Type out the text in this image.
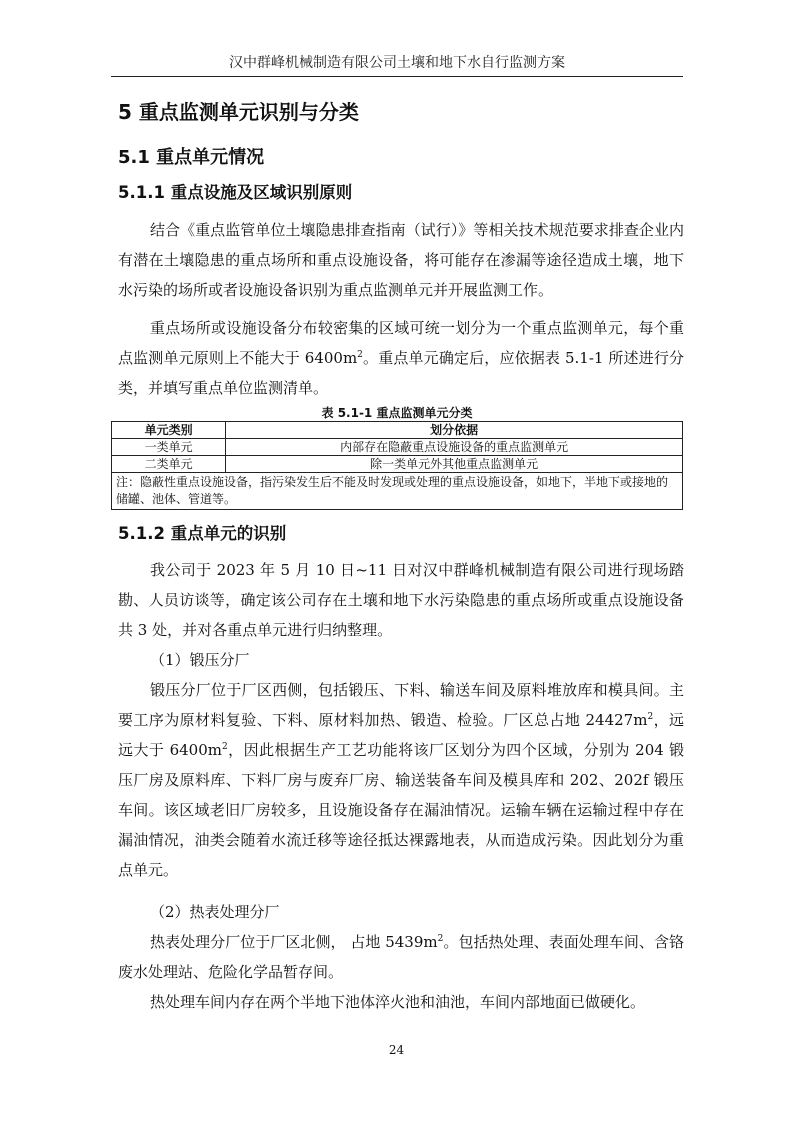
汉中群峰机械制造有限公司土壤和地下水自行监测方案
5 重点监测单元识别与分类
5.1 重点单元情况
5.1.1 重点设施及区域识别原则

结合《重点监管单位土壤隐患排查指南（试行）》等相关技术规范要求排查企业内有潜在土壤隐患的重点场所和重点设施设备，将可能存在渗漏等途径造成土壤，地下水污染的场所或者设施设备识别为重点监测单元并开展监测工作。

重点场所或设施设备分布较密集的区域可统一划分为一个重点监测单元，每个重点监测单元原则上不能大于 $6400m^2$。重点单元确定后，应依据表 5.1-1 所述进行分类，并填写重点单位监测清单。

表 5.1-1 重点监测单元分类
单元类别	划分依据
一类单元	内部存在隐蔽重点设施设备的重点监测单元
二类单元	除一类单元外其他重点监测单元
注：隐蔽性重点设施设备，指污染发生后不能及时发现或处理的重点设施设备，如地下，半地下或接地的储罐、池体、管道等。	
5.1.2 重点单元的识别

我公司于 2023 年 5 月 10 日~11 日对汉中群峰机械制造有限公司进行现场踏勘、人员访谈等，确定该公司存在土壤和地下水污染隐患的重点场所或重点设施设备共 3 处，并对各重点单元进行归纳整理。

（1）锻压分厂

锻压分厂位于厂区西侧，包括锻压、下料、输送车间及原料堆放库和模具间。主要工序为原材料复验、下料、原材料加热、锻造、检验。厂区总占地 $24427m^2$，远远大于 $6400m^2$，因此根据生产工艺功能将该厂区划分为四个区域，分别为 204 锻压厂房及原料库、下料厂房与废弃厂房、输送装备车间及模具库和 202、202f 锻压车间。该区域老旧厂房较多，且设施设备存在漏油情况。运输车辆在运输过程中存在漏油情况，油类会随着水流迁移等途径抵达裸露地表，从而造成污染。因此划分为重点单元。

（2）热表处理分厂

热表处理分厂位于厂区北侧， 占地 $5439m^2$。包括热处理、表面处理车间、含铬废水处理站、危险化学品暂存间。

热处理车间内存在两个半地下池体淬火池和油池，车间内部地面已做硬化。

24
